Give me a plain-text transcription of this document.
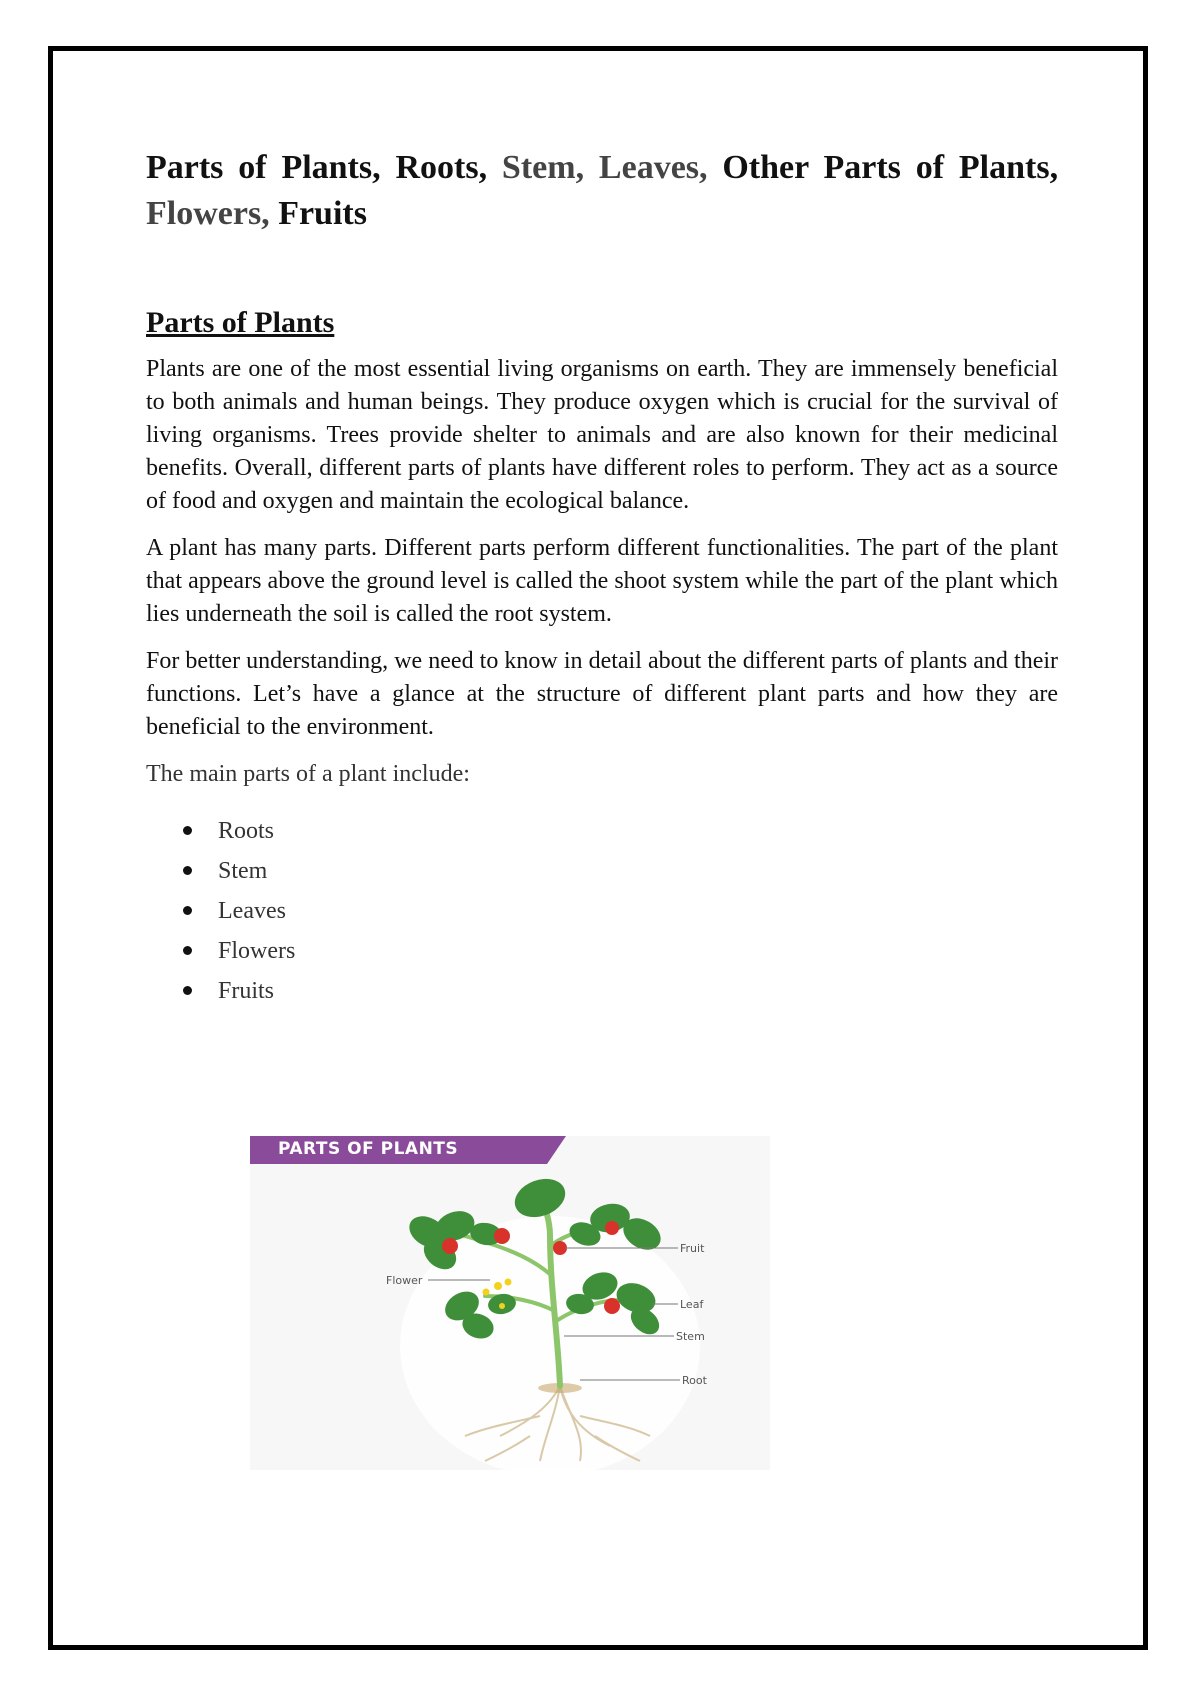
Parts of Plants, Roots, Stem, Leaves, Other Parts of Plants, Flowers, Fruits
Parts of Plants

Plants are one of the most essential living organisms on earth. They are immensely beneficial to both animals and human beings. They produce oxygen which is crucial for the survival of living organisms. Trees provide shelter to animals and are also known for their medicinal benefits. Overall, different parts of plants have different roles to perform. They act as a source of food and oxygen and maintain the ecological balance.

A plant has many parts. Different parts perform different functionalities. The part of the plant that appears above the ground level is called the shoot system while the part of the plant which lies underneath the soil is called the root system.

For better understanding, we need to know in detail about the different parts of plants and their functions. Let’s have a glance at the structure of different plant parts and how they are beneficial to the environment.

The main parts of a plant include:

Roots
Stem
Leaves
Flowers
Fruits
Fruit
Flower
Leaf
Stem
Root
PARTS OF PLANTS
